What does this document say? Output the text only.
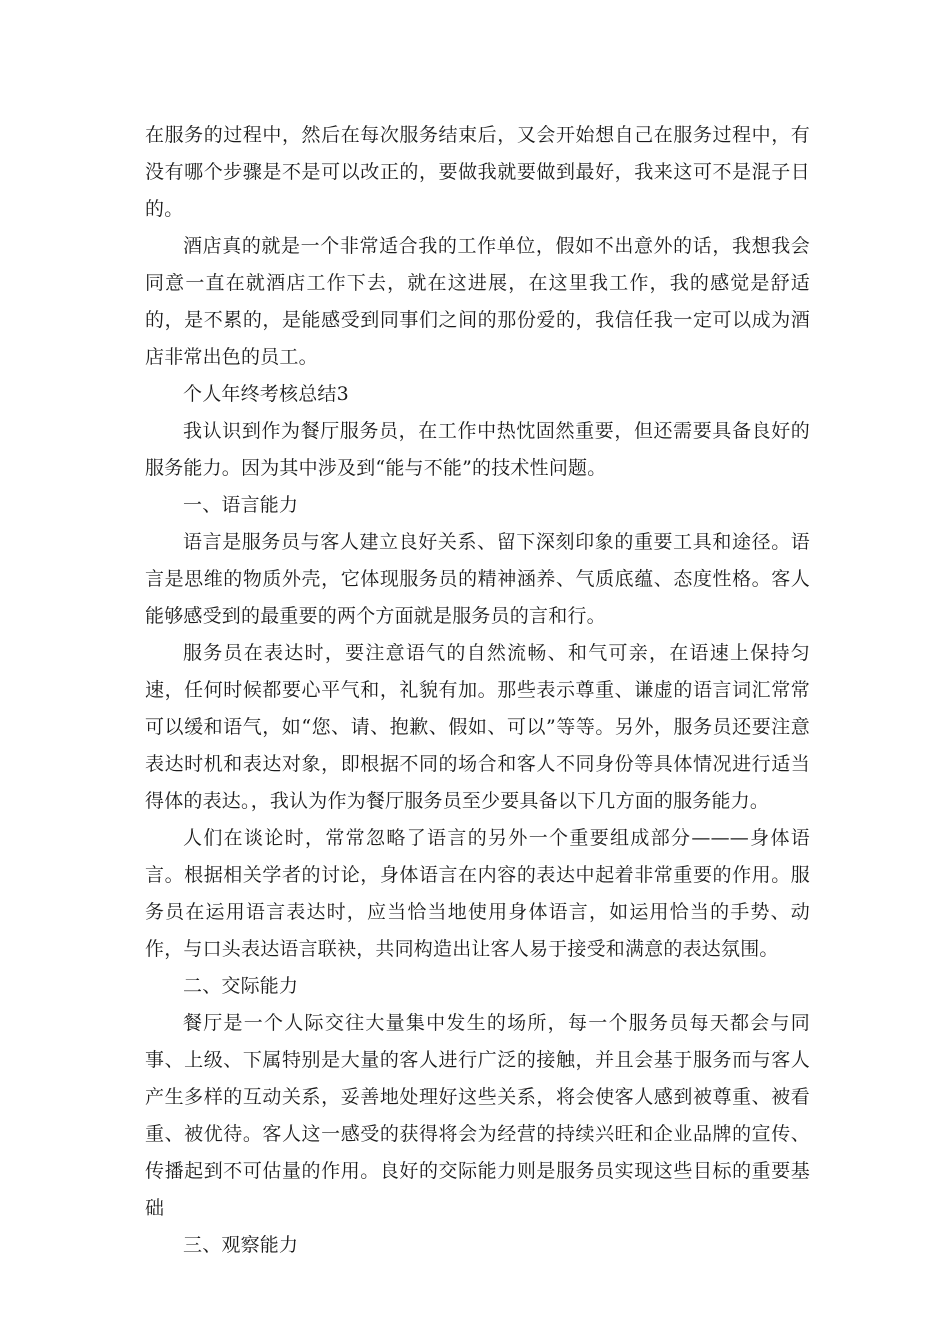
在服务的过程中，然后在每次服务结束后，又会开始想自己在服务过程中，有没有哪个步骤是不是可以改正的，要做我就要做到最好，我来这可不是混子日的。

酒店真的就是一个非常适合我的工作单位，假如不出意外的话，我想我会同意一直在就酒店工作下去，就在这进展，在这里我工作，我的感觉是舒适的，是不累的，是能感受到同事们之间的那份爱的，我信任我一定可以成为酒店非常出色的员工。

个人年终考核总结3

我认识到作为餐厅服务员，在工作中热忱固然重要，但还需要具备良好的服务能力。因为其中涉及到“能与不能”的技术性问题。

一、语言能力

语言是服务员与客人建立良好关系、留下深刻印象的重要工具和途径。语言是思维的物质外壳，它体现服务员的精神涵养、气质底蕴、态度性格。客人能够感受到的最重要的两个方面就是服务员的言和行。

服务员在表达时，要注意语气的自然流畅、和气可亲，在语速上保持匀速，任何时候都要心平气和，礼貌有加。那些表示尊重、谦虚的语言词汇常常可以缓和语气，如“您、请、抱歉、假如、可以”等等。另外，服务员还要注意表达时机和表达对象，即根据不同的场合和客人不同身份等具体情况进行适当得体的表达。，我认为作为餐厅服务员至少要具备以下几方面的服务能力。

人们在谈论时，常常忽略了语言的另外一个重要组成部分———身体语言。根据相关学者的讨论，身体语言在内容的表达中起着非常重要的作用。服务员在运用语言表达时，应当恰当地使用身体语言，如运用恰当的手势、动作，与口头表达语言联袂，共同构造出让客人易于接受和满意的表达氛围。

二、交际能力

餐厅是一个人际交往大量集中发生的场所，每一个服务员每天都会与同事、上级、下属特别是大量的客人进行广泛的接触，并且会基于服务而与客人产生多样的互动关系，妥善地处理好这些关系，将会使客人感到被尊重、被看重、被优待。客人这一感受的获得将会为经营的持续兴旺和企业品牌的宣传、传播起到不可估量的作用。良好的交际能力则是服务员实现这些目标的重要基础

三、观察能力
